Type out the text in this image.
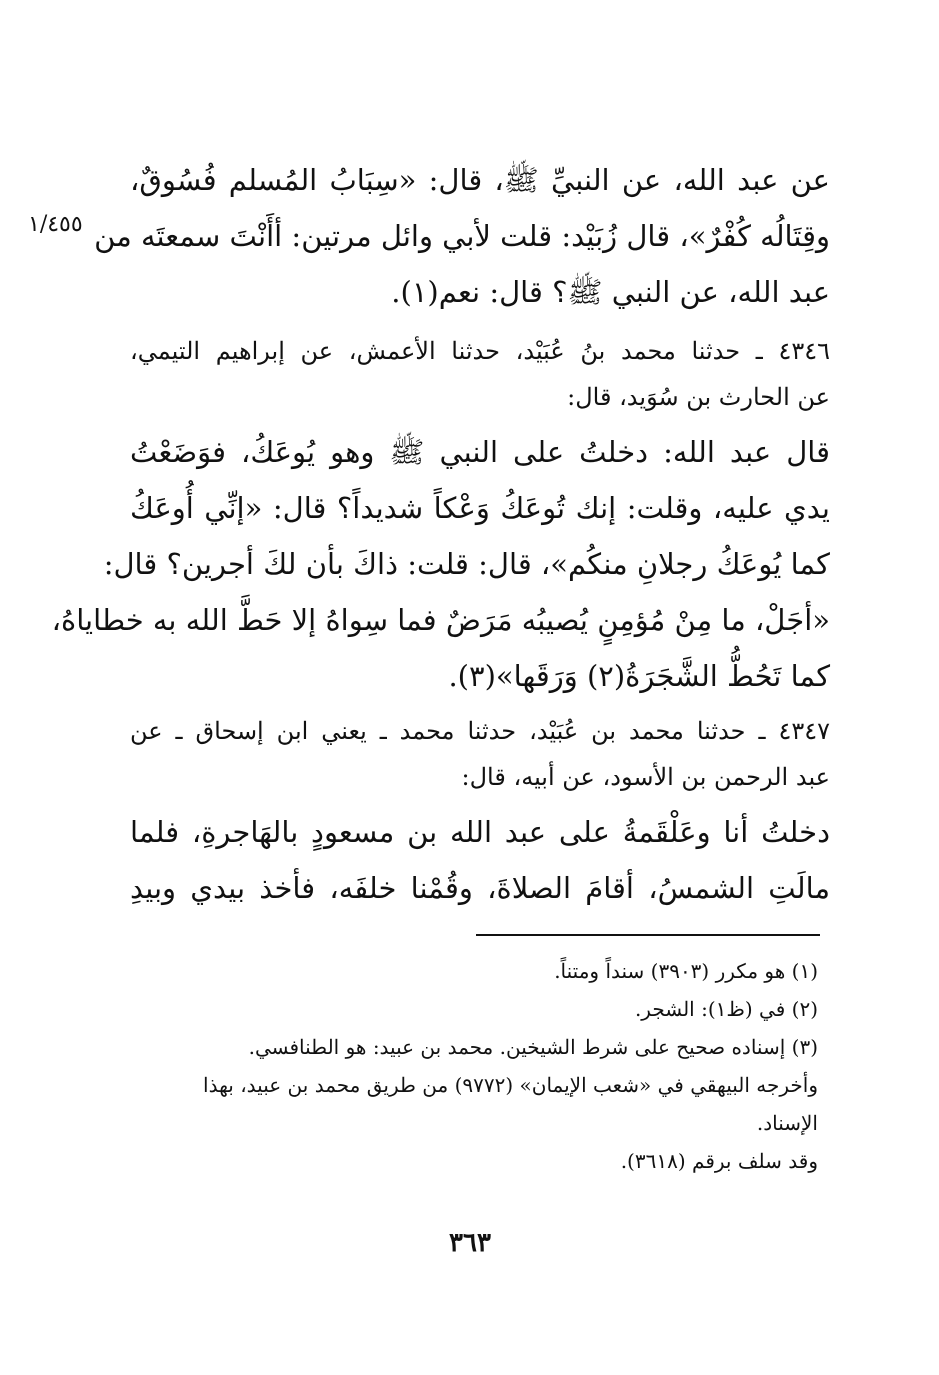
١/٤٥٥
عن عبد الله، عن النبيِّ ﷺ، قال: «سِبَابُ المُسلم فُسُوقٌ،
وقِتَالُه كُفْرٌ»، قال زُبَيْد: قلت لأبي وائل مرتين: أأَنْتَ سمعتَه من
عبد الله، عن النبي ﷺ؟ قال: نعم(١).
٤٣٤٦ ـ حدثنا محمد بنُ عُبَيْد، حدثنا الأعمش، عن إبراهيم التيمي،
عن الحارث بن سُوَيد، قال:
قال عبد الله: دخلتُ على النبي ﷺ وهو يُوعَكُ، فوَضَعْتُ
يدي عليه، وقلت: إنك تُوعَكُ وَعْكاً شديداً؟ قال: «إنِّي أُوعَكُ
كما يُوعَكُ رجلانِ منكُم»، قال: قلت: ذاكَ بأن لكَ أجرين؟ قال:
«أجَلْ، ما مِنْ مُؤمِنٍ يُصيبُه مَرَضٌ فما سِواهُ إلا حَطَّ الله به خطاياهُ،
كما تَحُطُّ الشَّجَرَةُ(٢) وَرَقَها»(٣).
٤٣٤٧ ـ حدثنا محمد بن عُبَيْد، حدثنا محمد ـ يعني ابن إسحاق ـ عن
عبد الرحمن بن الأسود، عن أبيه، قال:
دخلتُ أنا وعَلْقَمةُ على عبد الله بن مسعودٍ بالهَاجرةِ، فلما
مالَتِ الشمسُ، أقامَ الصلاةَ، وقُمْنا خلفَه، فأخذ بيدي وبيدِ
(١) هو مكرر (٣٩٠٣) سنداً ومتناً.
(٢) في (ظ١): الشجر.
(٣) إسناده صحيح على شرط الشيخين. محمد بن عبيد: هو الطنافسي.
وأخرجه البيهقي في «شعب الإيمان» (٩٧٧٢) من طريق محمد بن عبيد، بهذا
الإسناد.
وقد سلف برقم (٣٦١٨).
٣٦٣
